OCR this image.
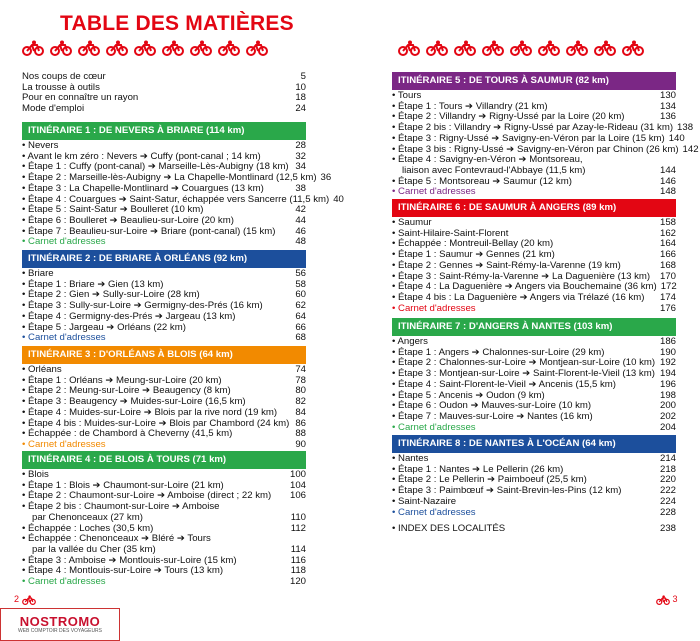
TABLE DES MATIÈRES
Nos coups de cœur	5
La trousse à outils	10
Pour en connaître un rayon	18
Mode d'emploi	24
ITINÉRAIRE 1 : DE NEVERS À BRIARE (114 km)
• Nevers	28
• Avant le km zéro : Nevers ➔ Cuffy (pont-canal ; 14 km)	32
• Étape 1 : Cuffy (pont-canal) ➔ Marseille-Lès-Aubigny (18 km) 34
• Étape 2 : Marseille-lès-Aubigny ➔ La Chapelle-Montlinard (12,5 km) 36
• Étape 3 : La Chapelle-Montlinard ➔ Couargues (13 km)	38
• Étape 4 : Couargues ➔ Saint-Satur, échappée vers Sancerre (11,5 km) 40
• Étape 5 : Saint-Satur ➔ Boulleret (10 km)	42
• Étape 6 : Boulleret ➔ Beaulieu-sur-Loire (20 km)	44
• Étape 7 : Beaulieu-sur-Loire ➔ Briare (pont-canal) (15 km)	46
• Carnet d'adresses	48
ITINÉRAIRE 2 : DE BRIARE À ORLÉANS (92 km)
• Briare	56
• Étape 1 : Briare ➔ Gien (13 km)	58
• Étape 2 : Gien ➔ Sully-sur-Loire (28 km)	60
• Étape 3 : Sully-sur-Loire ➔ Germigny-des-Prés (16 km)	62
• Étape 4 : Germigny-des-Prés ➔ Jargeau (13 km)	64
• Étape 5 : Jargeau ➔ Orléans (22 km)	66
• Carnet d'adresses	68
ITINÉRAIRE 3 : D'ORLÉANS À BLOIS (64 km)
• Orléans	74
• Étape 1 : Orléans ➔ Meung-sur-Loire (20 km)	78
• Étape 2 : Meung-sur-Loire ➔ Beaugency (8 km)	80
• Étape 3 : Beaugency ➔ Muides-sur-Loire (16,5 km)	82
• Étape 4 : Muides-sur-Loire ➔ Blois par la rive nord (19 km)	84
• Étape 4 bis : Muides-sur-Loire ➔ Blois par Chambord (24 km) 86
• Échappée : de Chambord à Cheverny (41,5 km)	88
• Carnet d'adresses	90
ITINÉRAIRE 4 : DE BLOIS À TOURS (71 km)
• Blois	100
• Étape 1 : Blois ➔ Chaumont-sur-Loire (21 km)	104
• Étape 2 : Chaumont-sur-Loire ➔ Amboise (direct ; 22 km)	106
• Étape 2 bis : Chaumont-sur-Loire ➔ Amboise
par Chenonceaux (27 km)	110
• Échappée : Loches (30,5 km)	112
• Échappée : Chenonceaux ➔ Bléré ➔ Tours
par la vallée du Cher (35 km)	114
• Étape 3 : Amboise ➔ Montlouis-sur-Loire (15 km)	116
• Étape 4 : Montlouis-sur-Loire ➔ Tours (13 km)	118
• Carnet d'adresses	120
ITINÉRAIRE 5 : DE TOURS À SAUMUR (82 km)
• Tours	130
• Étape 1 : Tours ➔ Villandry (21 km)	134
• Étape 2 : Villandry ➔ Rigny-Ussé par la Loire (20 km)	136
• Étape 2 bis : Villandry ➔ Rigny-Ussé par Azay-le-Rideau (31 km) 138
• Étape 3 : Rigny-Ussé ➔ Savigny-en-Véron par la Loire (15 km) 140
• Étape 3 bis : Rigny-Ussé ➔ Savigny-en-Véron par Chinon (26 km) 142
• Étape 4 : Savigny-en-Véron ➔ Montsoreau,
liaison avec Fontevraud-l'Abbaye (11,5 km)	144
• Étape 5 : Montsoreau ➔ Saumur (12 km)	146
• Carnet d'adresses	148
ITINÉRAIRE 6 : DE SAUMUR À ANGERS (89 km)
• Saumur	158
• Saint-Hilaire-Saint-Florent	162
• Échappée : Montreuil-Bellay (20 km)	164
• Étape 1 : Saumur ➔ Gennes (21 km)	166
• Étape 2 : Gennes ➔ Saint-Rémy-la-Varenne (19 km)	168
• Étape 3 : Saint-Rémy-la-Varenne ➔ La Daguenière (13 km)	170
• Étape 4 : La Daguenière ➔ Angers via Bouchemaine (36 km) 172
• Étape 4 bis : La Daguenière ➔ Angers via Trélazé (16 km)	174
• Carnet d'adresses	176
ITINÉRAIRE 7 : D'ANGERS À NANTES (103 km)
• Angers	186
• Étape 1 : Angers ➔ Chalonnes-sur-Loire (29 km)	190
• Étape 2 : Chalonnes-sur-Loire ➔ Montjean-sur-Loire (10 km) 192
• Étape 3 : Montjean-sur-Loire ➔ Saint-Florent-le-Vieil (13 km) 194
• Étape 4 : Saint-Florent-le-Vieil ➔ Ancenis (15,5 km)	196
• Étape 5 : Ancenis ➔ Oudon (9 km)	198
• Étape 6 : Oudon ➔ Mauves-sur-Loire (10 km)	200
• Étape 7 : Mauves-sur-Loire ➔ Nantes (16 km)	202
• Carnet d'adresses	204
ITINÉRAIRE 8 : DE NANTES À L'OCÉAN (64 km)
• Nantes	214
• Étape 1 : Nantes ➔ Le Pellerin (26 km)	218
• Étape 2 : Le Pellerin ➔ Paimboeuf (25,5 km)	220
• Étape 3 : Paimbœuf ➔ Saint-Brevin-les-Pins (12 km)	222
• Saint-Nazaire	224
• Carnet d'adresses	228
• INDEX DES LOCALITÉS	238
2	3
NOSTROMO
WEB COMPTOIR DES VOYAGEURS
